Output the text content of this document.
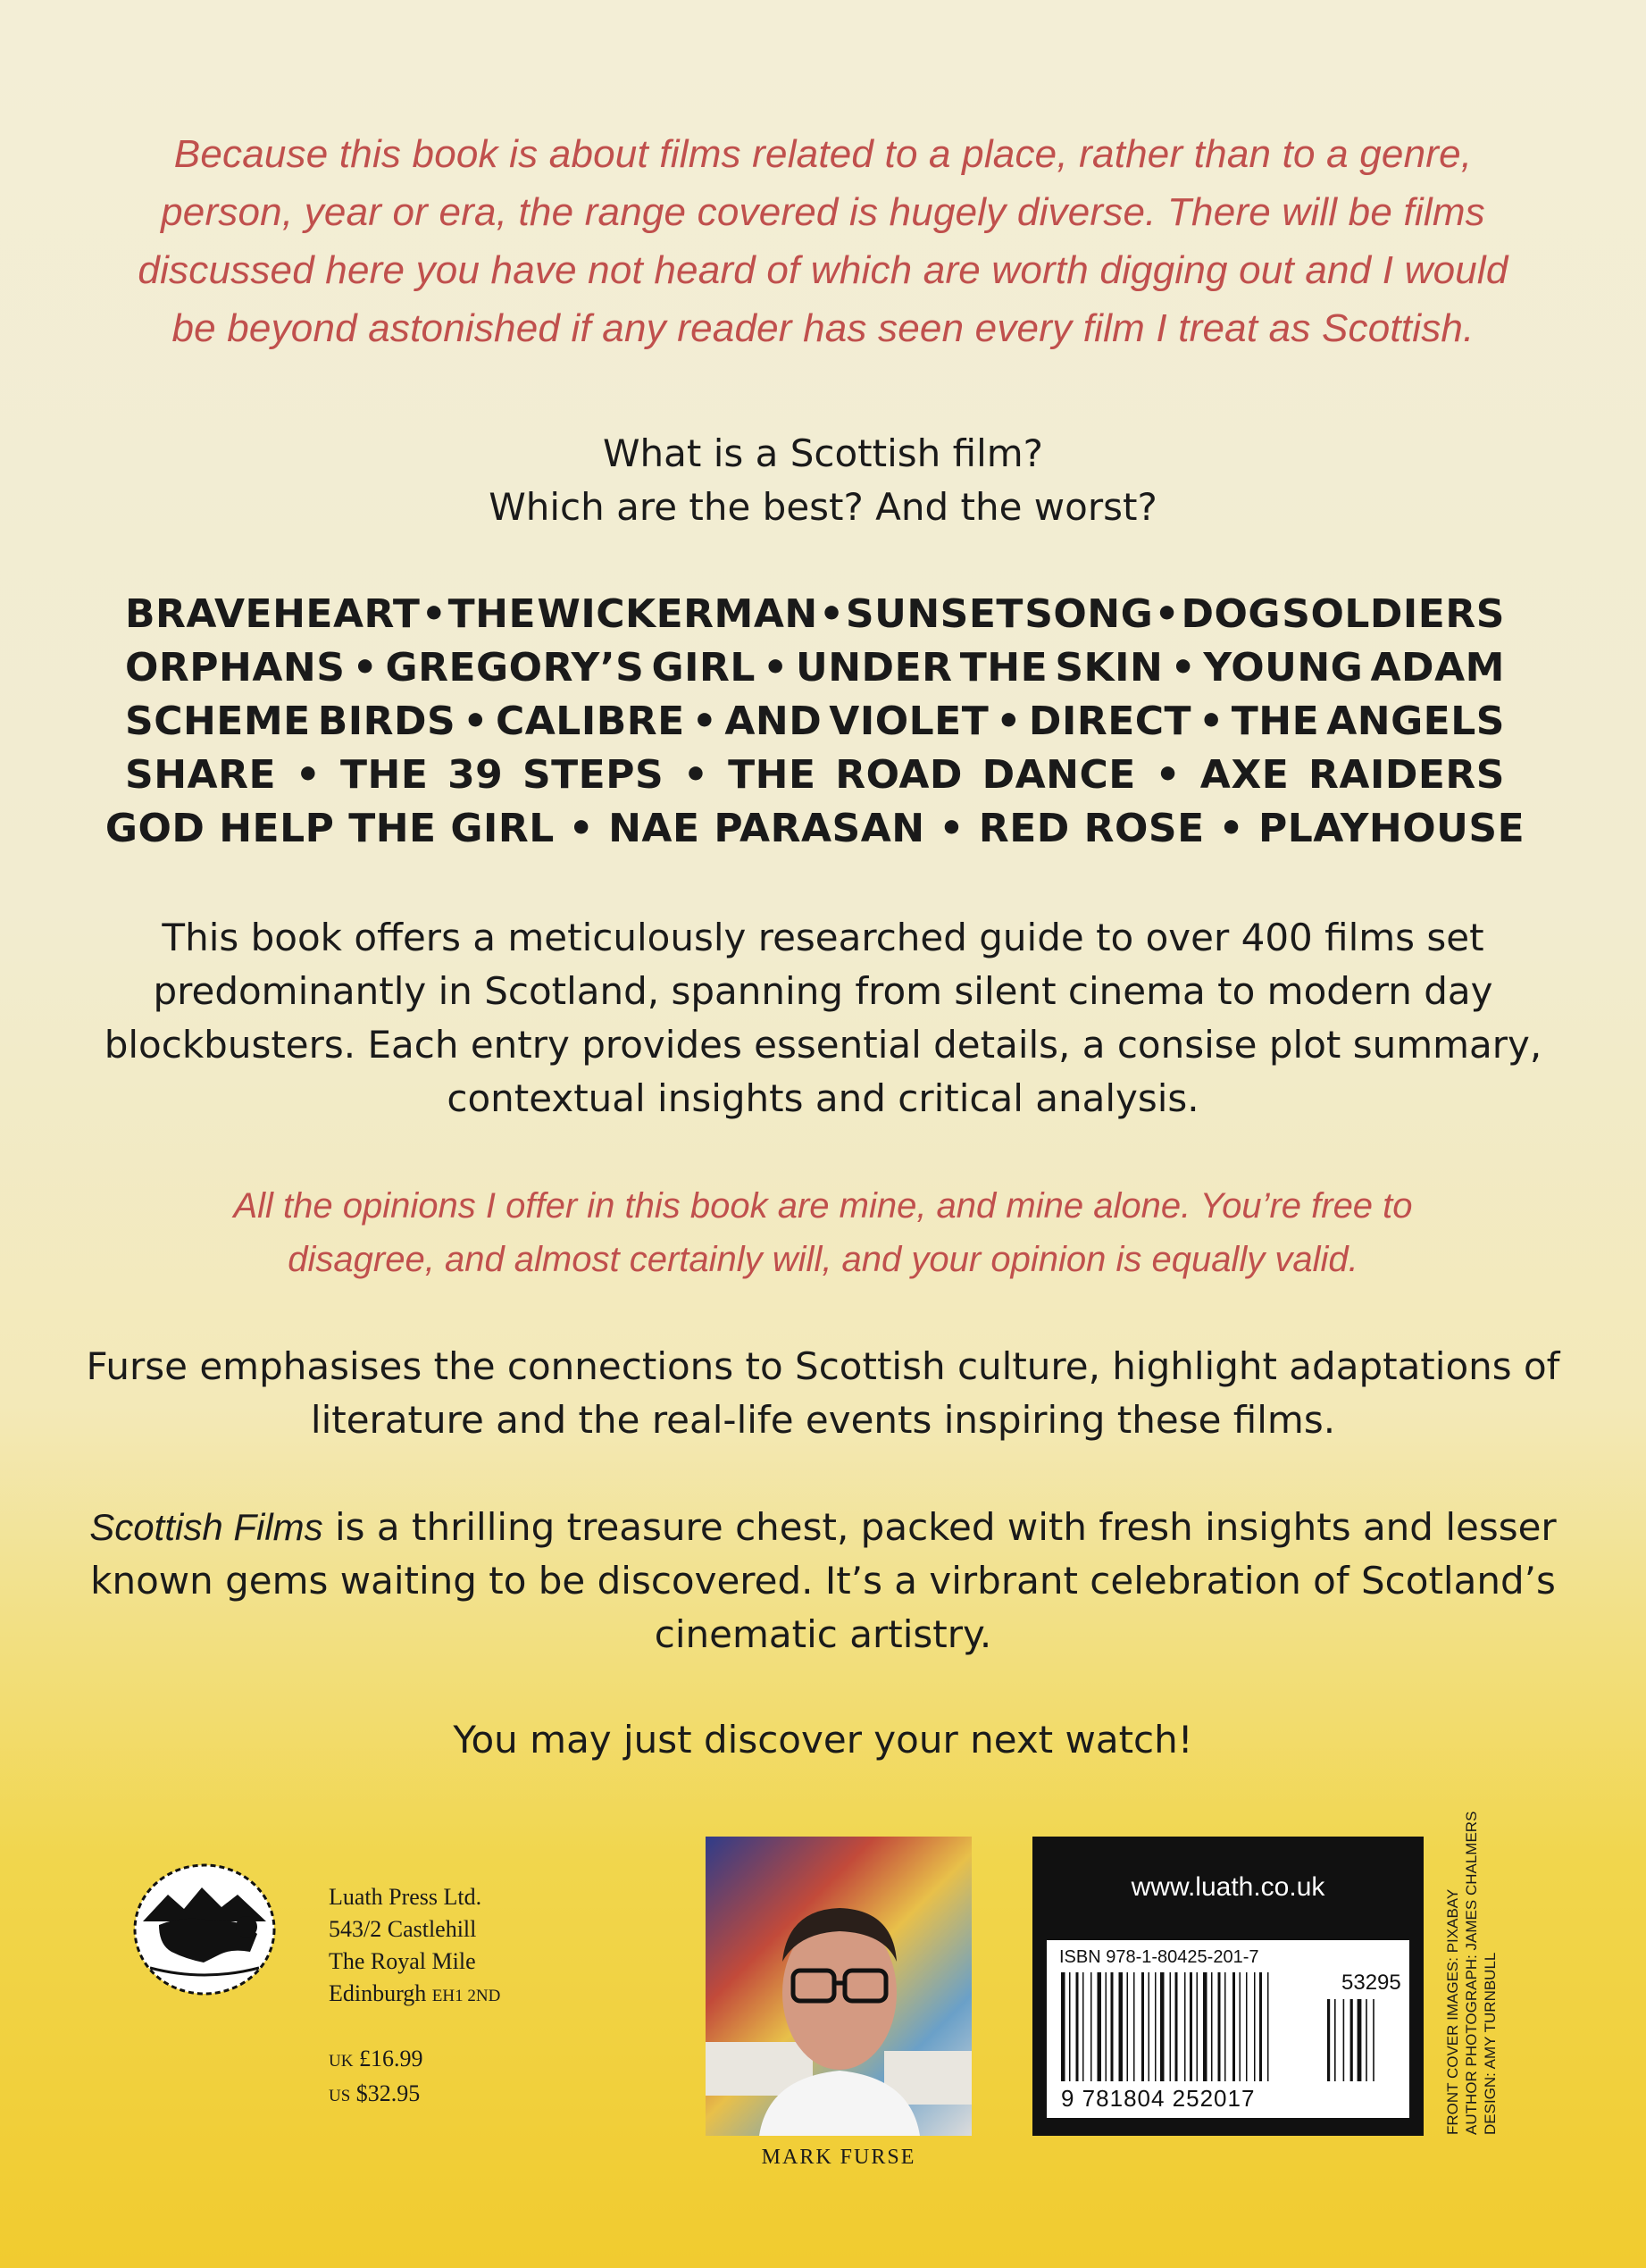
Because this book is about films related to a place, rather than to a genre,
person, year or era, the range covered is hugely diverse. There will be films
discussed here you have not heard of which are worth digging out and I would
be beyond astonished if any reader has seen every film I treat as Scottish.
What is a Scottish film?
Which are the best? And the worst?
BRAVEHEART • THE WICKERMAN • SUNSET SONG • DOG SOLDIERS
ORPHANS • GREGORY’S GIRL • UNDER THE SKIN • YOUNG ADAM
SCHEME BIRDS • CALIBRE • AND VIOLET • DIRECT • THE ANGELS
SHARE • THE 39 STEPS • THE ROAD DANCE • AXE RAIDERS
GOD HELP THE GIRL • NAE PARASAN • RED ROSE • PLAYHOUSE
This book offers a meticulously researched guide to over 400 films set
predominantly in Scotland, spanning from silent cinema to modern day
blockbusters. Each entry provides essential details, a consise plot summary,
contextual insights and critical analysis.
All the opinions I offer in this book are mine, and mine alone. You’re free to
disagree, and almost certainly will, and your opinion is equally valid.
Furse emphasises the connections to Scottish culture, highlight adaptations of
literature and the real-life events inspiring these films.
Scottish Films is a thrilling treasure chest, packed with fresh insights and lesser
known gems waiting to be discovered. It’s a virbrant celebration of Scotland’s
cinematic artistry.
You may just discover your next watch!
Luath Press Ltd.
543/2 Castlehill
The Royal Mile
Edinburgh EH1 2ND
UK £16.99
US $32.95
MARK FURSE
www.luath.co.uk
ISBN 978-1-80425-201-7
53295
9 781804 252017	FRONT COVER IMAGES: PIXABAY AUTHOR PHOTOGRAPH: JAMES CHALMERS DESIGN: AMY TURNBULL
